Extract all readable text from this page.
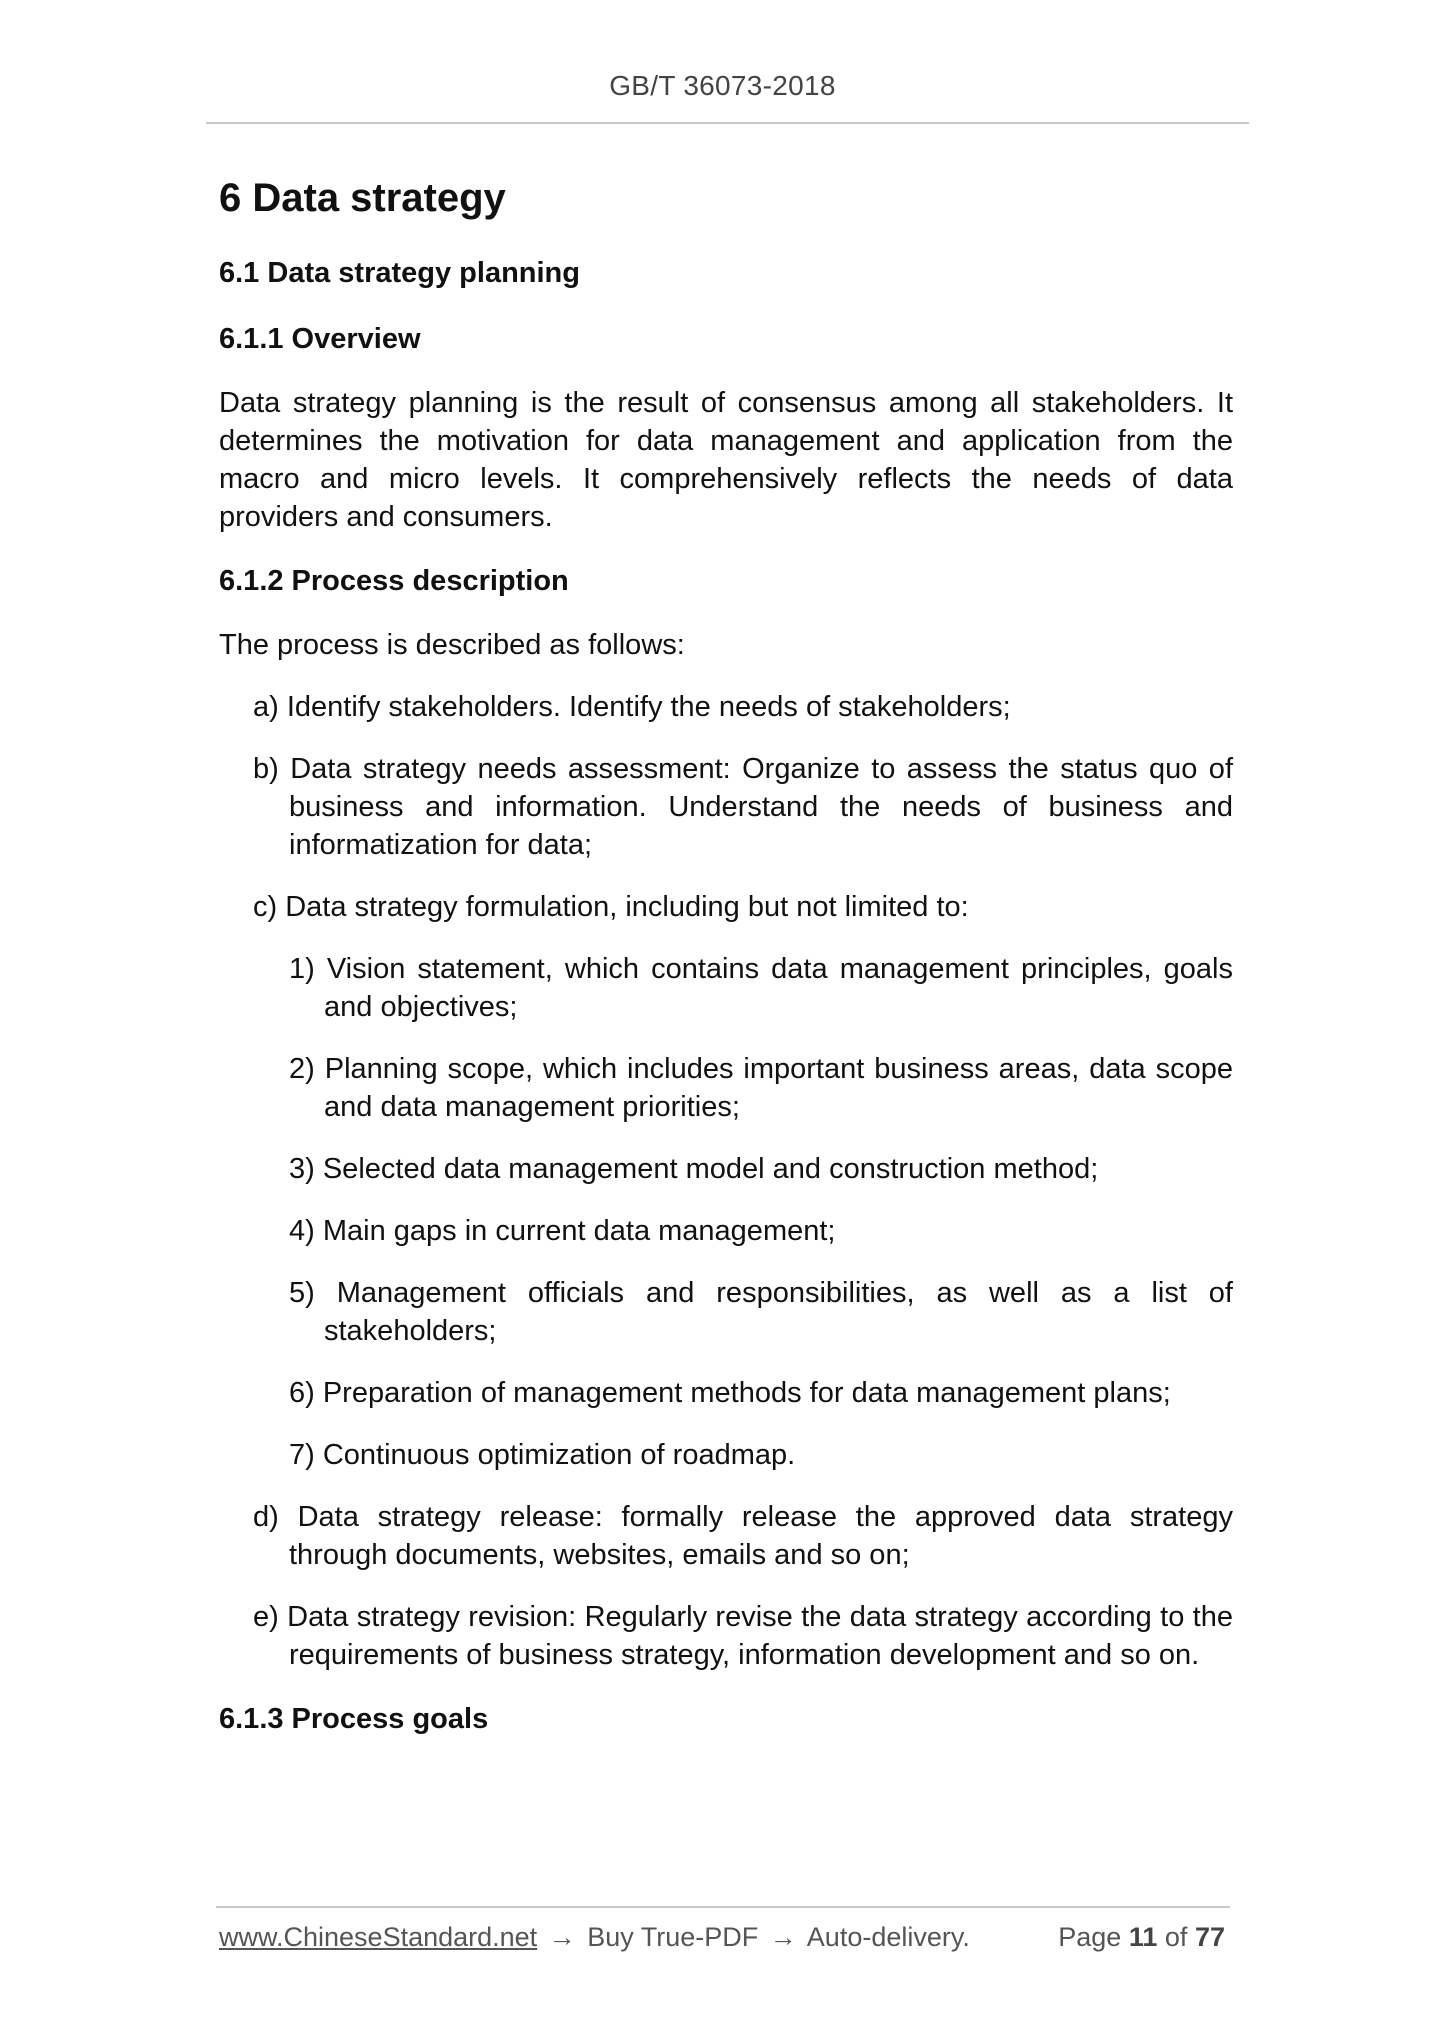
GB/T 36073-2018
6 Data strategy
6.1 Data strategy planning
6.1.1 Overview

Data strategy planning is the result of consensus among all stakeholders. It determines the motivation for data management and application from the macro and micro levels. It comprehensively reflects the needs of data providers and consumers.

6.1.2 Process description

The process is described as follows:

a) Identify stakeholders. Identify the needs of stakeholders;
b) Data strategy needs assessment: Organize to assess the status quo of business and information. Understand the needs of business and informatization for data;
c) Data strategy formulation, including but not limited to:
1) Vision statement, which contains data management principles, goals and objectives;
2) Planning scope, which includes important business areas, data scope and data management priorities;
3) Selected data management model and construction method;
4) Main gaps in current data management;
5) Management officials and responsibilities, as well as a list of stakeholders;
6) Preparation of management methods for data management plans;
7) Continuous optimization of roadmap.
d) Data strategy release: formally release the approved data strategy through documents, websites, emails and so on;
e) Data strategy revision: Regularly revise the data strategy according to the requirements of business strategy, information development and so on.
6.1.3 Process goals
www.ChineseStandard.net → Buy True-PDF → Auto-delivery.	Page 11 of 77
